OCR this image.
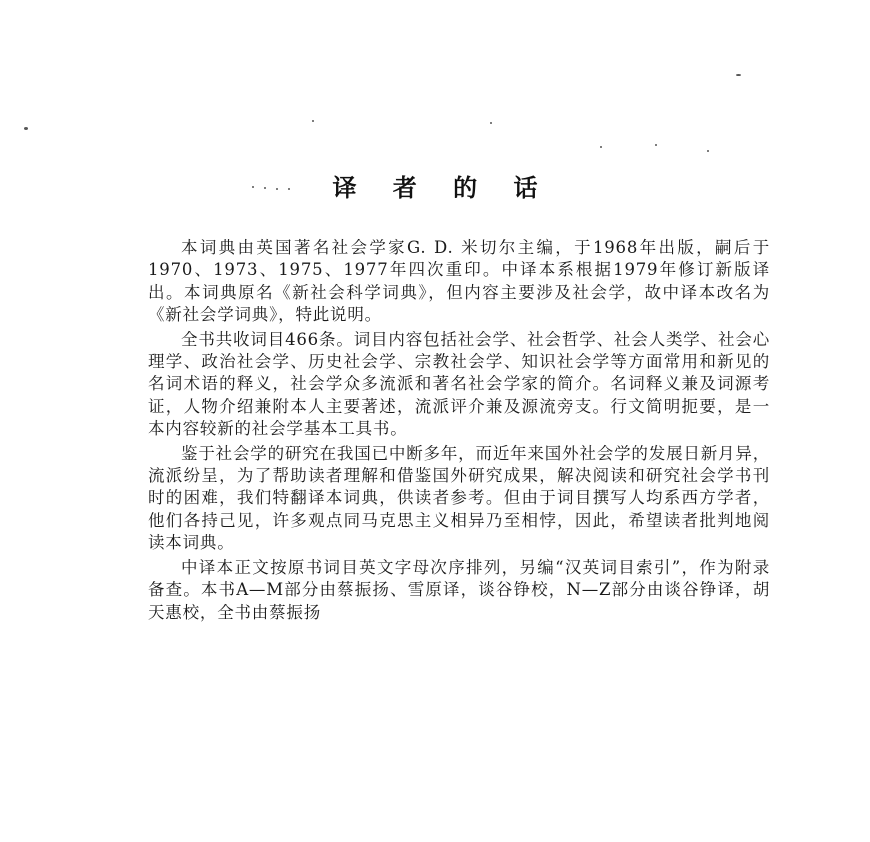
译 者 的 话

本词典由英国著名社会学家G. D. 米切尔主编，于1968年出版，嗣后于1970、1973、1975、1977年四次重印。中译本系根据1979年修订新版译出。本词典原名《新社会科学词典》，但内容主要涉及社会学，故中译本改名为《新社会学词典》，特此说明。

全书共收词目466条。词目内容包括社会学、社会哲学、社会人类学、社会心理学、政治社会学、历史社会学、宗教社会学、知识社会学等方面常用和新见的名词术语的释义，社会学众多流派和著名社会学家的简介。名词释义兼及词源考证，人物介绍兼附本人主要著述，流派评介兼及源流旁支。行文简明扼要，是一本内容较新的社会学基本工具书。

鉴于社会学的研究在我国已中断多年，而近年来国外社会学的发展日新月异，流派纷呈，为了帮助读者理解和借鉴国外研究成果，解决阅读和研究社会学书刊时的困难，我们特翻译本词典，供读者参考。但由于词目撰写人均系西方学者，他们各持己见，许多观点同马克思主义相异乃至相悖，因此，希望读者批判地阅读本词典。

中译本正文按原书词目英文字母次序排列，另编“汉英词目索引”，作为附录备查。本书A—M部分由蔡振扬、雪原译，谈谷铮校，N—Z部分由谈谷铮译，胡天惠校，全书由蔡振扬
